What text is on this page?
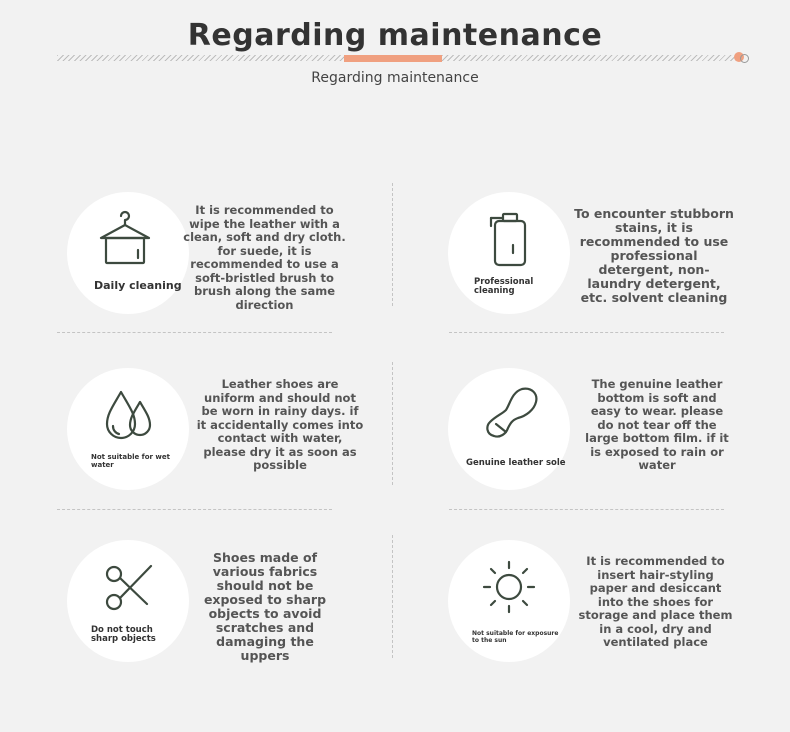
Regarding maintenance
Regarding maintenance
Daily cleaning
It is recommended to wipe the leather with a clean, soft and dry cloth. for suede, it is recommended to use a soft-bristled brush to brush along the same direction
Professional cleaning
To encounter stubborn stains, it is recommended to use professional detergent, non-laundry detergent, etc. solvent cleaning
Not suitable for wet water
Leather shoes are uniform and should not be worn in rainy days. if it accidentally comes into contact with water, please dry it as soon as possible	Genuine leather sole
The genuine leather bottom is soft and easy to wear. please do not tear off the large bottom film. if it is exposed to rain or water
Do not touch sharp objects
Shoes made of various fabrics should not be exposed to sharp objects to avoid scratches and damaging the uppers
Not suitable for exposure to the sun
It is recommended to insert hair-styling paper and desiccant into the shoes for storage and place them in a cool, dry and ventilated place
